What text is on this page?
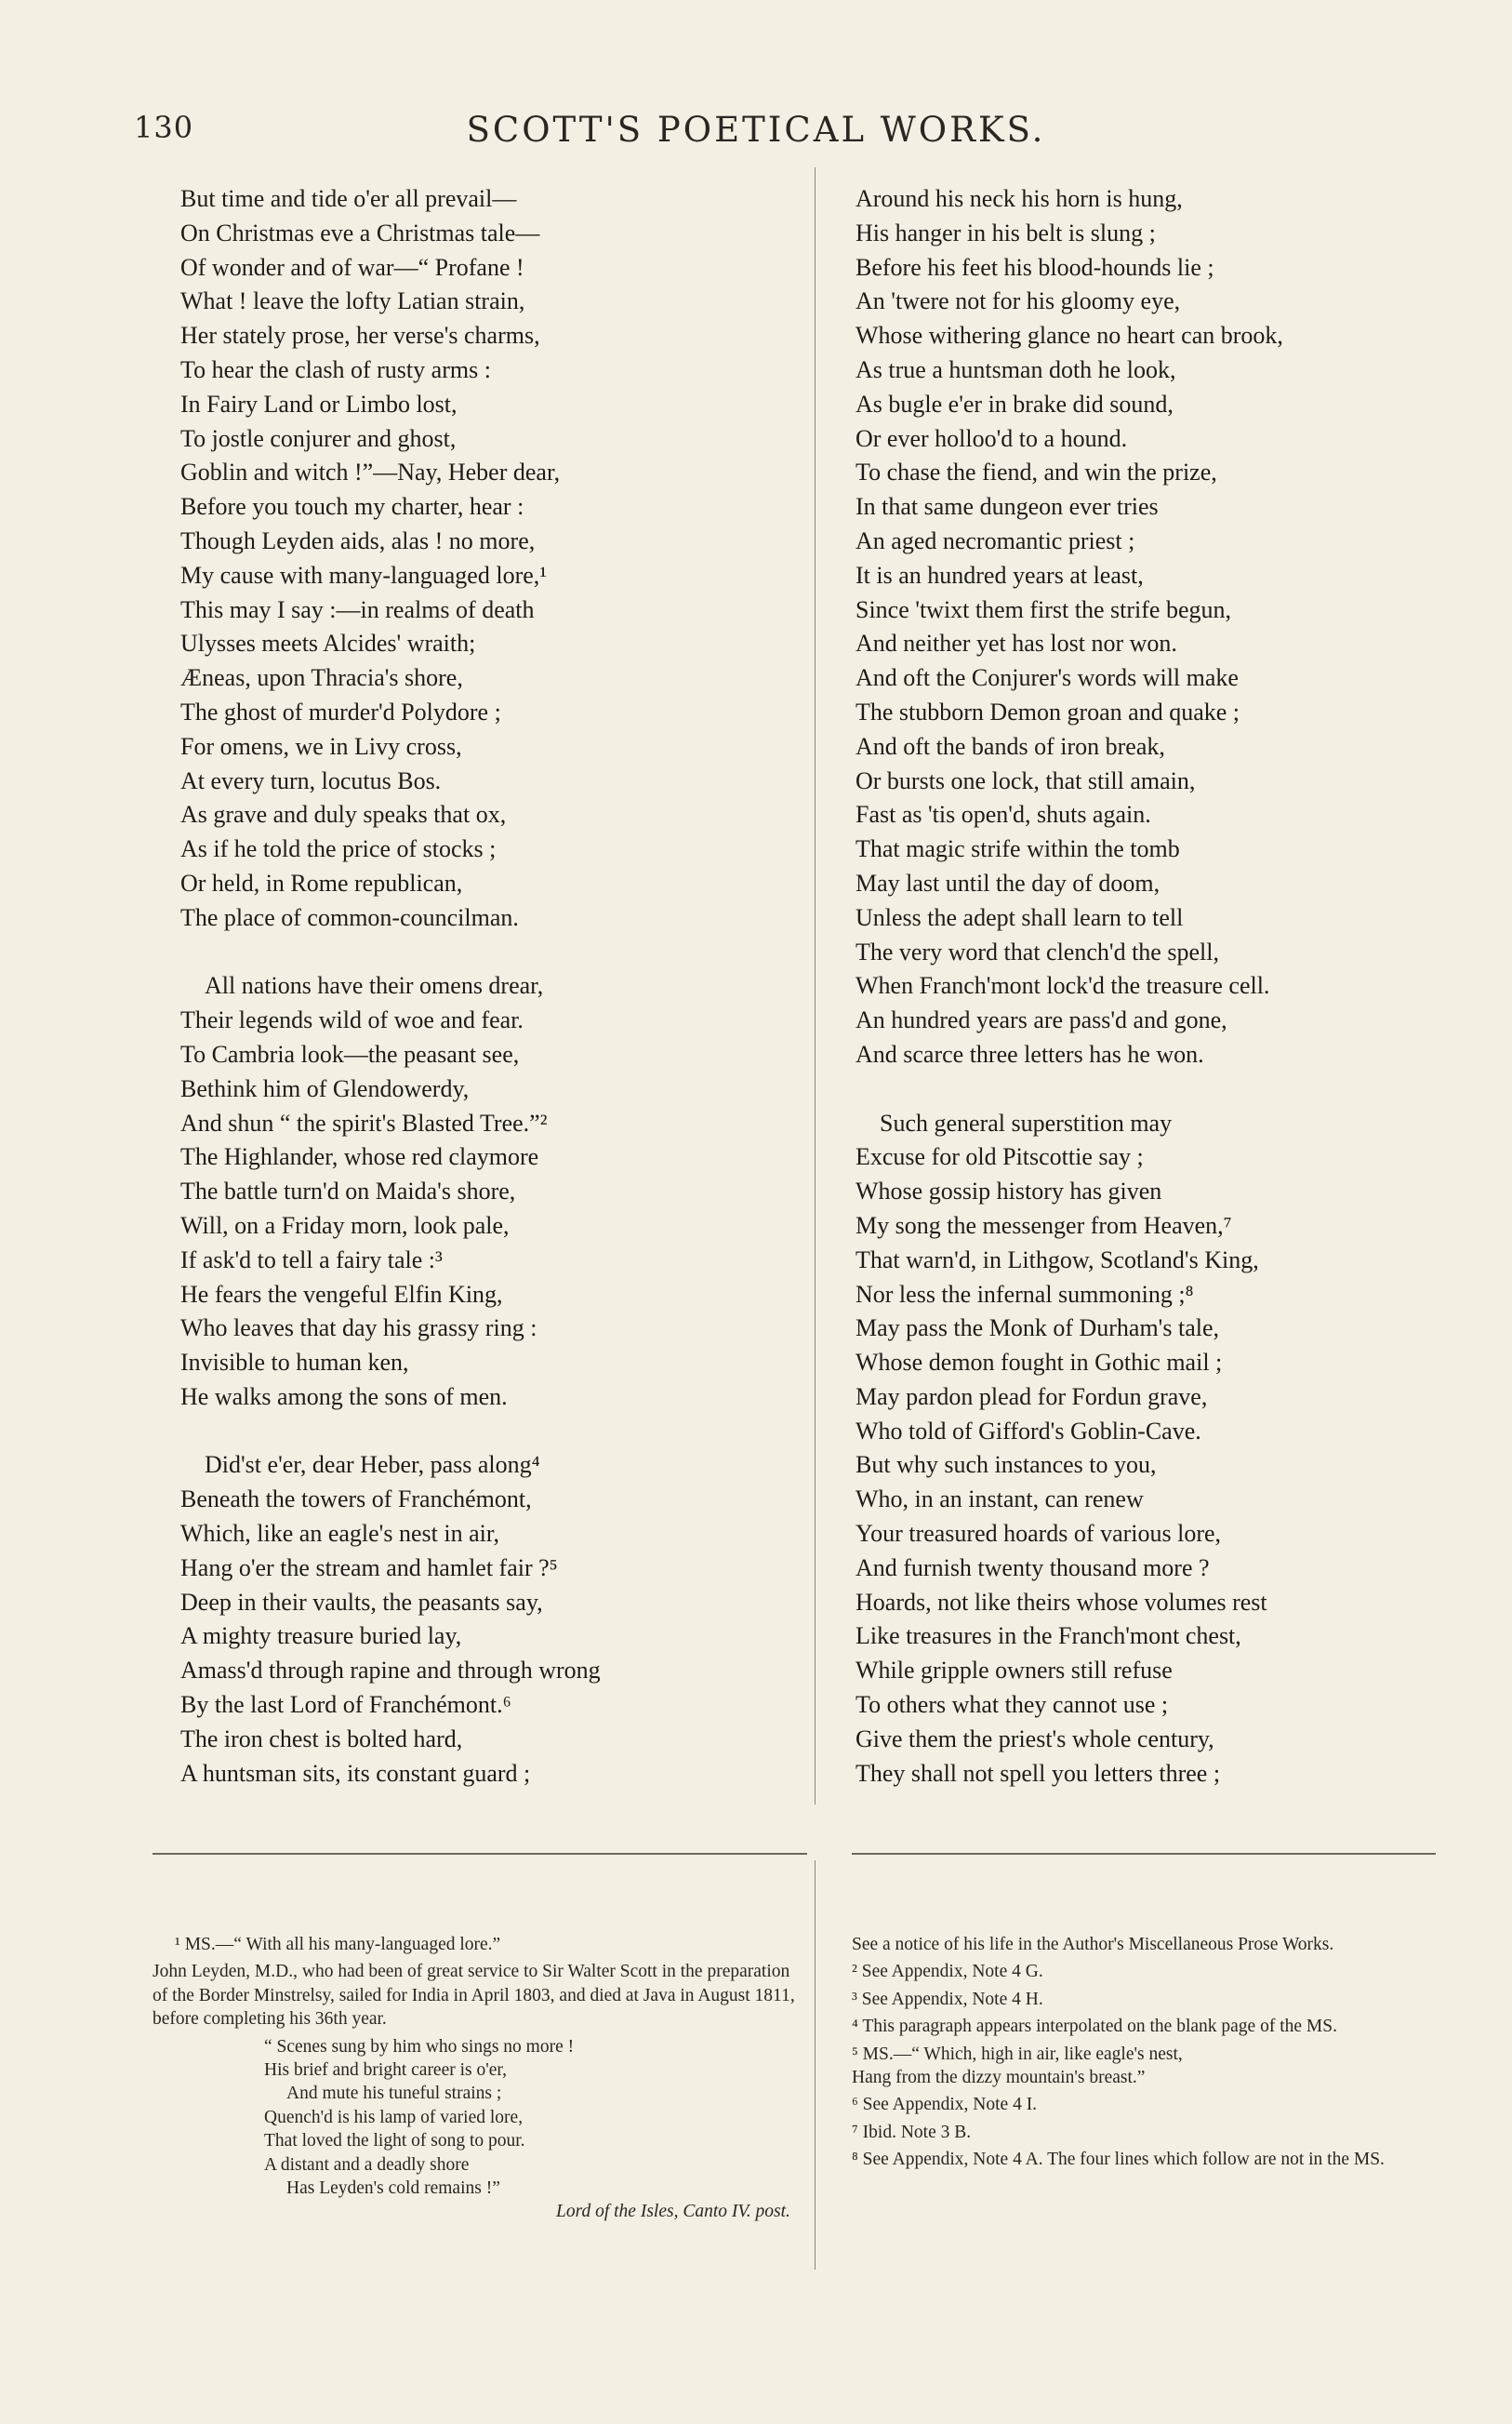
130	SCOTT'S POETICAL WORKS.
But time and tide o'er all prevail—
On Christmas eve a Christmas tale—
Of wonder and of war—“ Profane !
What ! leave the lofty Latian strain,
Her stately prose, her verse's charms,
To hear the clash of rusty arms :
In Fairy Land or Limbo lost,
To jostle conjurer and ghost,
Goblin and witch !”—Nay, Heber dear,
Before you touch my charter, hear :
Though Leyden aids, alas ! no more,
My cause with many-languaged lore,¹
This may I say :—in realms of death
Ulysses meets Alcides' wraith;
Æneas, upon Thracia's shore,
The ghost of murder'd Polydore ;
For omens, we in Livy cross,
At every turn, locutus Bos.
As grave and duly speaks that ox,
As if he told the price of stocks ;
Or held, in Rome republican,
The place of common-councilman.
All nations have their omens drear,
Their legends wild of woe and fear.
To Cambria look—the peasant see,
Bethink him of Glendowerdy,
And shun “ the spirit's Blasted Tree.”²
The Highlander, whose red claymore
The battle turn'd on Maida's shore,
Will, on a Friday morn, look pale,
If ask'd to tell a fairy tale :³
He fears the vengeful Elfin King,
Who leaves that day his grassy ring :
Invisible to human ken,
He walks among the sons of men.
Did'st e'er, dear Heber, pass along⁴
Beneath the towers of Franchémont,
Which, like an eagle's nest in air,
Hang o'er the stream and hamlet fair ?⁵
Deep in their vaults, the peasants say,
A mighty treasure buried lay,
Amass'd through rapine and through wrong
By the last Lord of Franchémont.⁶
The iron chest is bolted hard,
A huntsman sits, its constant guard ;
Around his neck his horn is hung,
His hanger in his belt is slung ;
Before his feet his blood-hounds lie ;
An 'twere not for his gloomy eye,
Whose withering glance no heart can brook,
As true a huntsman doth he look,
As bugle e'er in brake did sound,
Or ever holloo'd to a hound.
To chase the fiend, and win the prize,
In that same dungeon ever tries
An aged necromantic priest ;
It is an hundred years at least,
Since 'twixt them first the strife begun,
And neither yet has lost nor won.
And oft the Conjurer's words will make
The stubborn Demon groan and quake ;
And oft the bands of iron break,
Or bursts one lock, that still amain,
Fast as 'tis open'd, shuts again.
That magic strife within the tomb
May last until the day of doom,
Unless the adept shall learn to tell
The very word that clench'd the spell,
When Franch'mont lock'd the treasure cell.
An hundred years are pass'd and gone,
And scarce three letters has he won.
Such general superstition may
Excuse for old Pitscottie say ;
Whose gossip history has given
My song the messenger from Heaven,⁷
That warn'd, in Lithgow, Scotland's King,
Nor less the infernal summoning ;⁸
May pass the Monk of Durham's tale,
Whose demon fought in Gothic mail ;
May pardon plead for Fordun grave,
Who told of Gifford's Goblin-Cave.
But why such instances to you,
Who, in an instant, can renew
Your treasured hoards of various lore,
And furnish twenty thousand more ?
Hoards, not like theirs whose volumes rest
Like treasures in the Franch'mont chest,
While gripple owners still refuse
To others what they cannot use ;
Give them the priest's whole century,
They shall not spell you letters three ;

¹ MS.—“ With all his many-languaged lore.”

John Leyden, M.D., who had been of great service to Sir Walter Scott in the preparation of the Border Minstrelsy, sailed for India in April 1803, and died at Java in August 1811, before completing his 36th year.

“ Scenes sung by him who sings no more !
His brief and bright career is o'er,
And mute his tuneful strains ;
Quench'd is his lamp of varied lore,
That loved the light of song to pour.
A distant and a deadly shore
Has Leyden's cold remains !”
Lord of the Isles, Canto IV. post.
See a notice of his life in the Author's Miscellaneous Prose Works.
² See Appendix, Note 4 G.
³ See Appendix, Note 4 H.
⁴ This paragraph appears interpolated on the blank page of the MS.
⁵ MS.—“ Which, high in air, like eagle's nest,
Hang from the dizzy mountain's breast.”
⁶ See Appendix, Note 4 I.
⁷ Ibid. Note 3 B.
⁸ See Appendix, Note 4 A. The four lines which follow are not in the MS.
